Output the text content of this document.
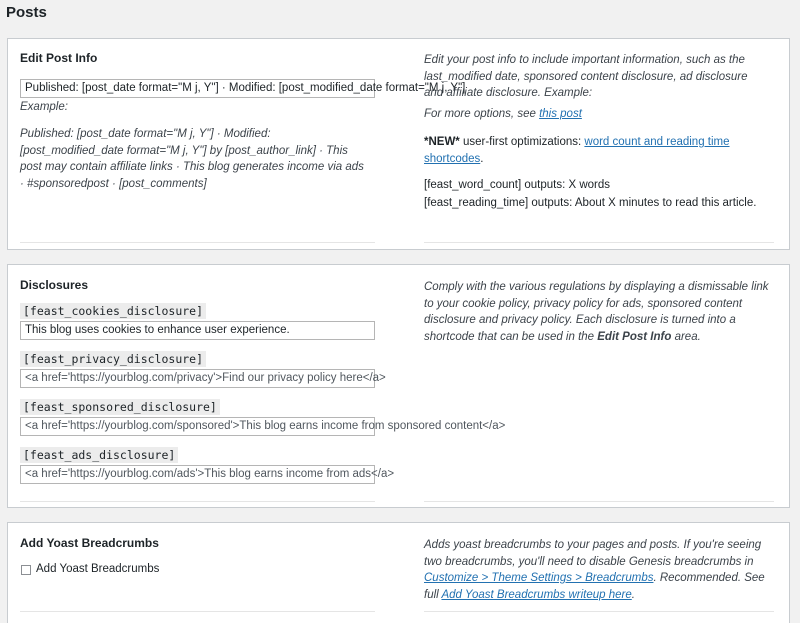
Posts
Edit Post Info
Published: [post_date format="M j, Y"] · Modified: [post_modified_date format="M j, Y"]
Example:
Published: [post_date format="M j, Y"] · Modified: [post_modified_date format="M j, Y"] by [post_author_link] · This post may contain affiliate links · This blog generates income via ads · #sponsoredpost · [post_comments]
Edit your post info to include important information, such as the last_modified date, sponsored content disclosure, ad disclosure and affiliate disclosure. Example:
For more options, see this post
*NEW* user-first optimizations: word count and reading time shortcodes.
[feast_word_count] outputs: X words
[feast_reading_time] outputs: About X minutes to read this article.
Disclosures
[feast_cookies_disclosure]
This blog uses cookies to enhance user experience.
[feast_privacy_disclosure]
<a href='https://yourblog.com/privacy'>Find our privacy policy here</a>
[feast_sponsored_disclosure]
<a href='https://yourblog.com/sponsored'>This blog earns income from sponsored content</a>
[feast_ads_disclosure]
<a href='https://yourblog.com/ads'>This blog earns income from ads</a>
Comply with the various regulations by displaying a dismissable link to your cookie policy, privacy policy for ads, sponsored content disclosure and privacy policy. Each disclosure is turned into a shortcode that can be used in the Edit Post Info area.
Add Yoast Breadcrumbs
Add Yoast Breadcrumbs
Adds yoast breadcrumbs to your pages and posts. If you're seeing two breadcrumbs, you'll need to disable Genesis breadcrumbs in Customize > Theme Settings > Breadcrumbs. Recommended. See full Add Yoast Breadcrumbs writeup here.
